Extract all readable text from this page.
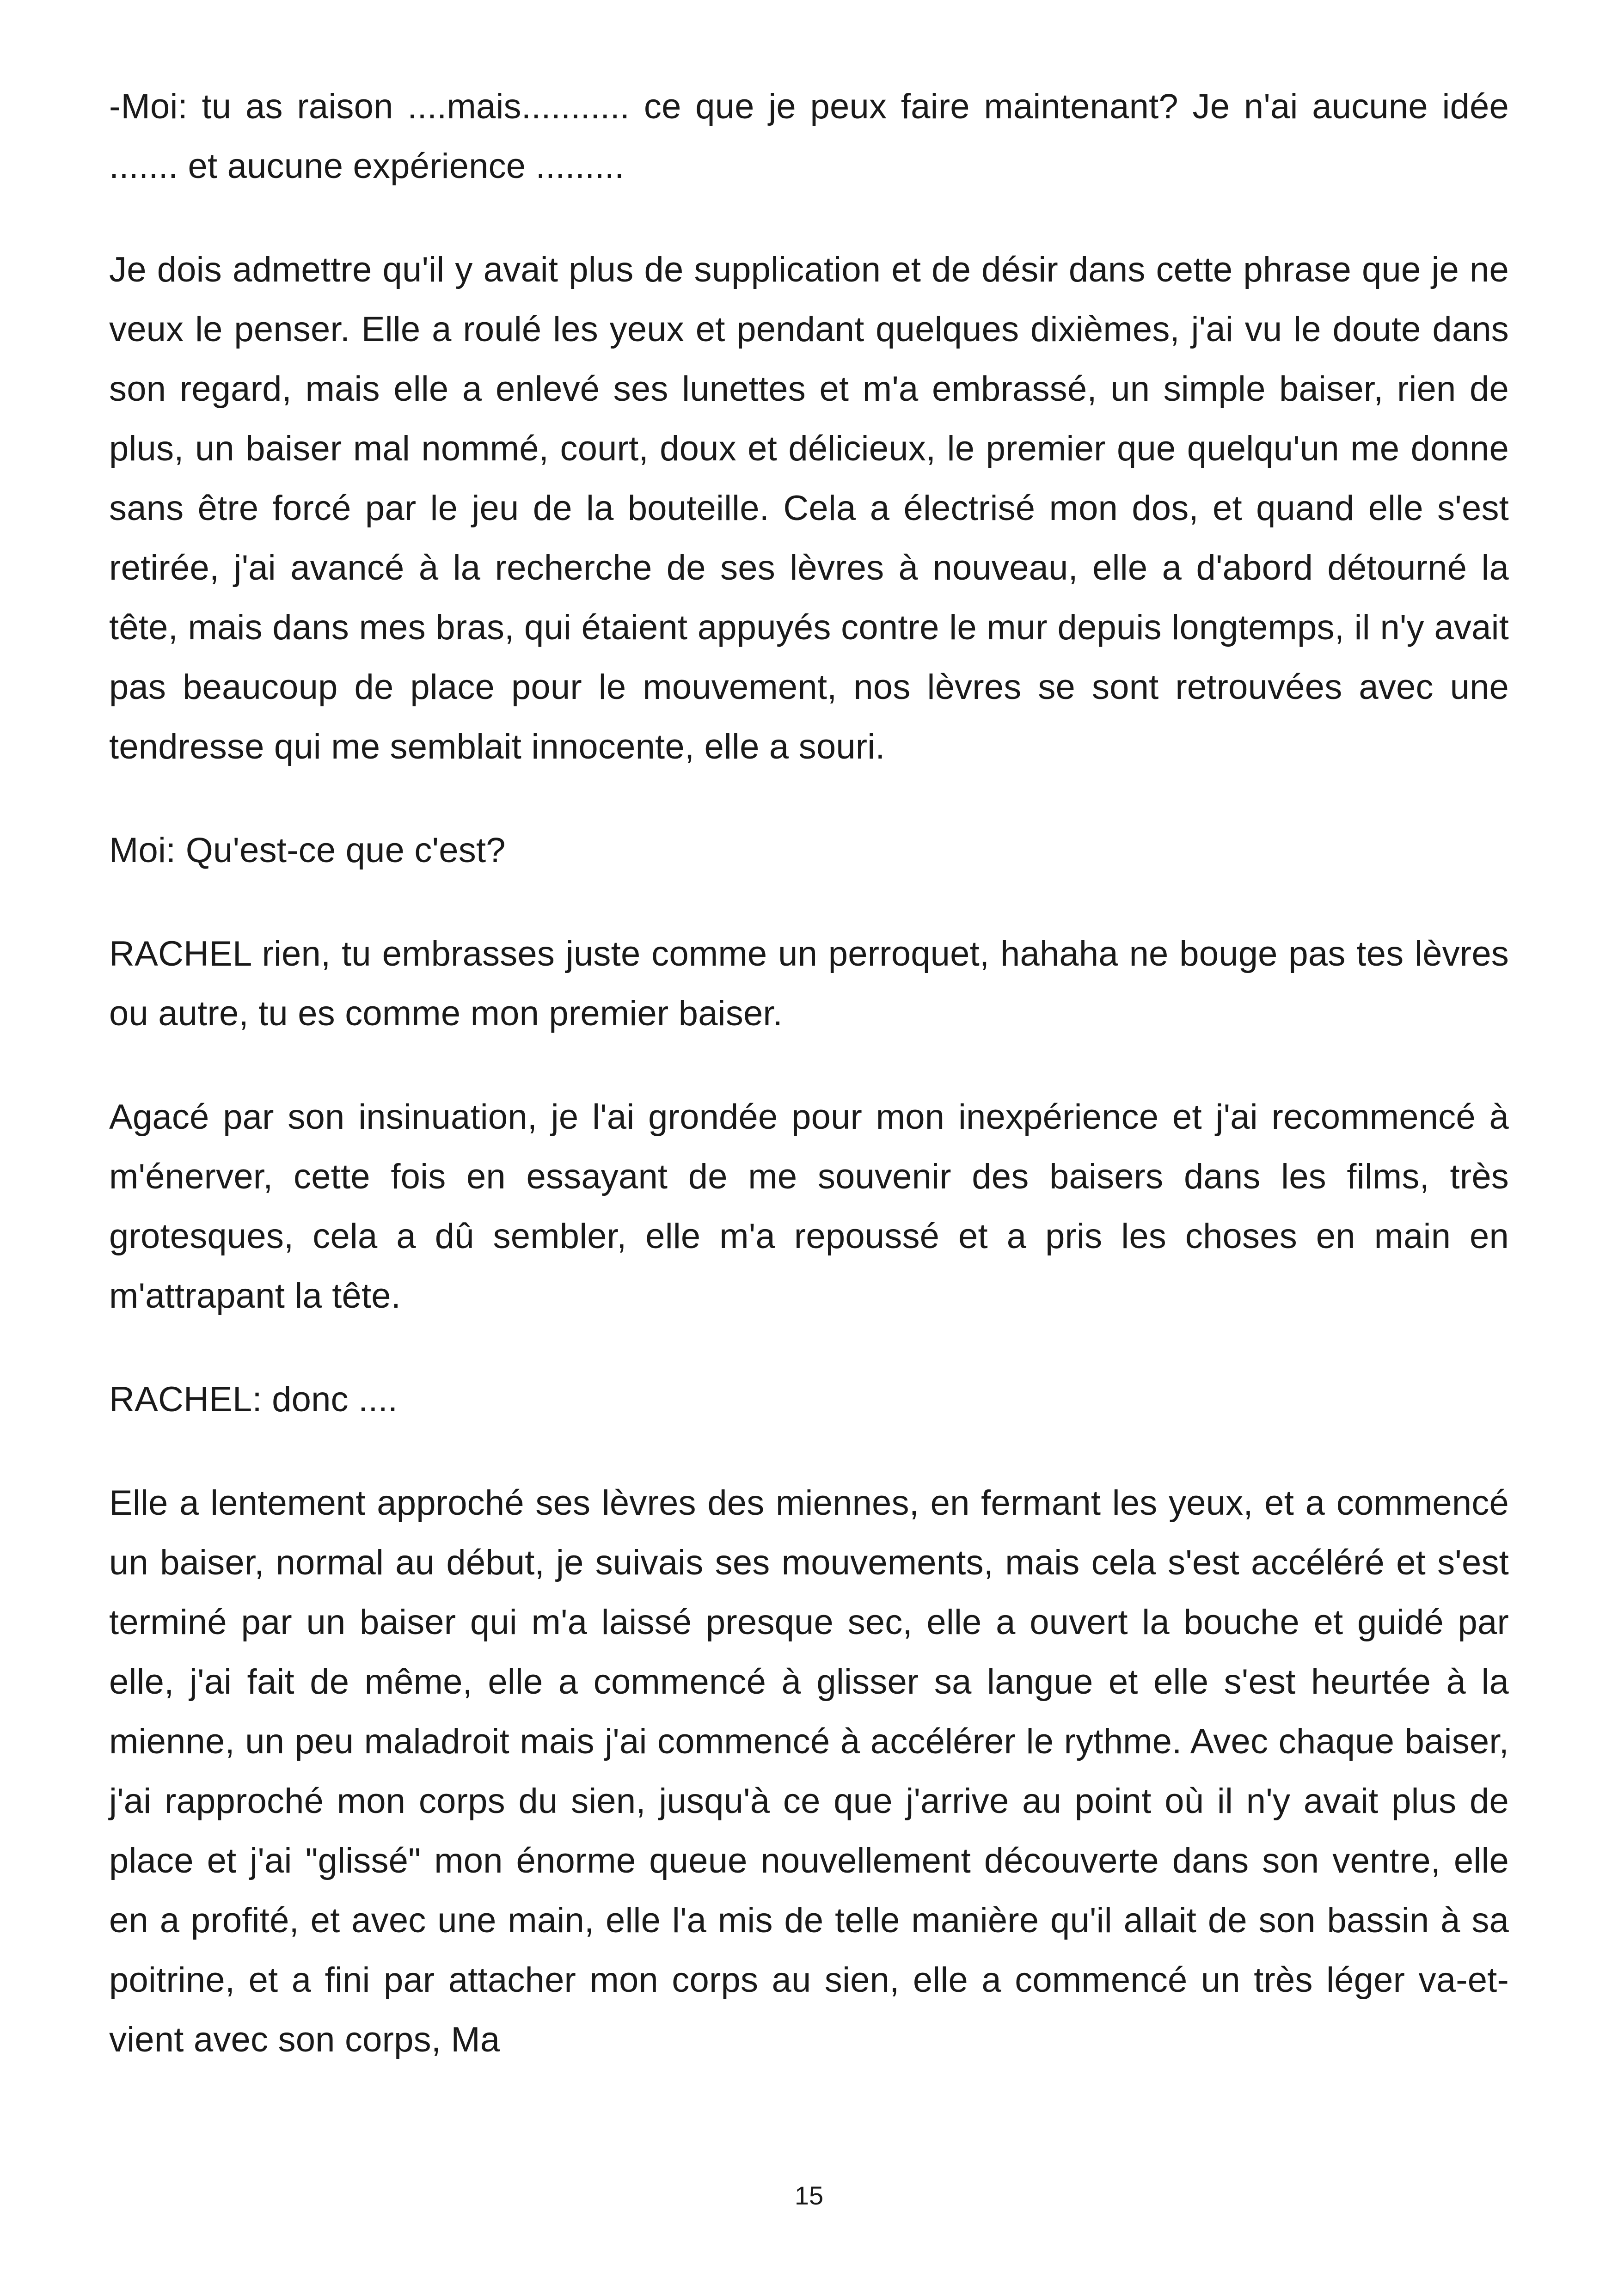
-Moi: tu as raison ....mais........... ce que je peux faire maintenant? Je n'ai aucune idée ....... et aucune expérience .........

Je dois admettre qu'il y avait plus de supplication et de désir dans cette phrase que je ne veux le penser. Elle a roulé les yeux et pendant quelques dixièmes, j'ai vu le doute dans son regard, mais elle a enlevé ses lunettes et m'a embrassé, un simple baiser, rien de plus, un baiser mal nommé, court, doux et délicieux, le premier que quelqu'un me donne sans être forcé par le jeu de la bouteille. Cela a électrisé mon dos, et quand elle s'est retirée, j'ai avancé à la recherche de ses lèvres à nouveau, elle a d'abord détourné la tête, mais dans mes bras, qui étaient appuyés contre le mur depuis longtemps, il n'y avait pas beaucoup de place pour le mouvement, nos lèvres se sont retrouvées avec une tendresse qui me semblait innocente, elle a souri.

Moi: Qu'est-ce que c'est?

RACHEL rien, tu embrasses juste comme un perroquet, hahaha ne bouge pas tes lèvres ou autre, tu es comme mon premier baiser.

Agacé par son insinuation, je l'ai grondée pour mon inexpérience et j'ai recommencé à m'énerver, cette fois en essayant de me souvenir des baisers dans les films, très grotesques, cela a dû sembler, elle m'a repoussé et a pris les choses en main en m'attrapant la tête.

RACHEL: donc ....

Elle a lentement approché ses lèvres des miennes, en fermant les yeux, et a commencé un baiser, normal au début, je suivais ses mouvements, mais cela s'est accéléré et s'est terminé par un baiser qui m'a laissé presque sec, elle a ouvert la bouche et guidé par elle, j'ai fait de même, elle a commencé à glisser sa langue et elle s'est heurtée à la mienne, un peu maladroit mais j'ai commencé à accélérer le rythme. Avec chaque baiser, j'ai rapproché mon corps du sien, jusqu'à ce que j'arrive au point où il n'y avait plus de place et j'ai "glissé" mon énorme queue nouvellement découverte dans son ventre, elle en a profité, et avec une main, elle l'a mis de telle manière qu'il allait de son bassin à sa poitrine, et a fini par attacher mon corps au sien, elle a commencé un très léger va-et-vient avec son corps, Ma

15
